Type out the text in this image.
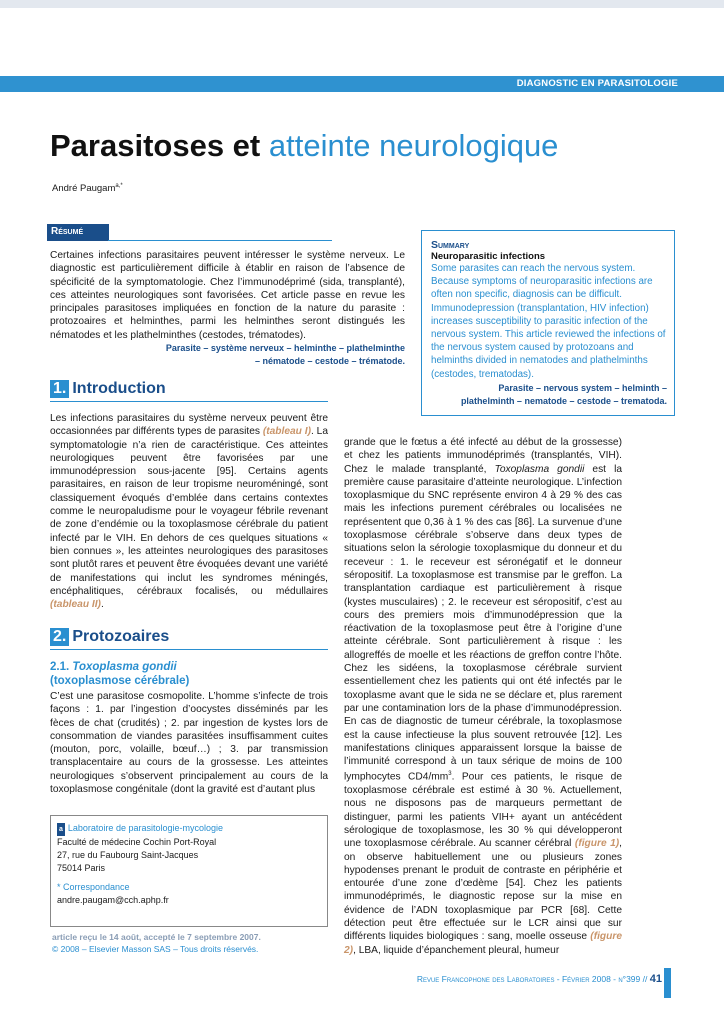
DIAGNOSTIC EN PARASITOLOGIE
Parasitoses et atteinte neurologique
André Paugam$^{a,*}$
Résumé
Certaines infections parasitaires peuvent intéresser le système nerveux. Le diagnostic est particulièrement difficile à établir en raison de l’absence de spécificité de la symptomatologie. Chez l’immunodéprimé (sida, transplanté), ces atteintes neurologiques sont favorisées. Cet article passe en revue les principales parasitoses impliquées en fonction de la nature du parasite : protozoaires et helminthes, parmi les helminthes seront distingués les nématodes et les plathelminthes (cestodes, trématodes).
Parasite – système nerveux – helminthe – plathelminthe
– nématode – cestode – trématode.
Summary
Neuroparasitic infections
Some parasites can reach the nervous system. Because symptoms of neuroparasitic infections are often non specific, diagnosis can be difficult. Immunodepression (transplantation, HIV infection) increases susceptibility to parasitic infection of the nervous system. This article reviewed the infections of the nervous system caused by protozoans and helminths divided in nematodes and plathelminths (cestodes, trematodas).
Parasite – nervous system – helminth –
plathelminth – nematode – cestode – trematoda.
1. Introduction
Les infections parasitaires du système nerveux peuvent être occasionnées par différents types de parasites (tableau I). La symptomatologie n’a rien de caractéristique. Ces atteintes neurologiques peuvent être favorisées par une immunodépression sous-jacente [95]. Certains agents parasitaires, en raison de leur tropisme neuroméningé, sont classiquement évoqués d’emblée dans certains contextes comme le neuropaludisme pour le voyageur fébrile revenant de zone d’endémie ou la toxoplasmose cérébrale du patient infecté par le VIH. En dehors de ces quelques situations « bien connues », les atteintes neurologiques des parasitoses sont plutôt rares et peuvent être évoquées devant une variété de manifestations qui inclut les syndromes méningés, encéphalitiques, cérébraux focalisés, ou médullaires (tableau II).
2. Protozoaires
2.1. Toxoplasma gondii
(toxoplasmose cérébrale)
C’est une parasitose cosmopolite. L’homme s’infecte de trois façons : 1. par l’ingestion d’oocystes disséminés par les fèces de chat (crudités) ; 2. par ingestion de kystes lors de consommation de viandes parasitées insuffisamment cuites (mouton, porc, volaille, bœuf…) ; 3. par transmission transplacentaire au cours de la grossesse. Les atteintes neurologiques s’observent principalement au cours de la toxoplasmose congénitale (dont la gravité est d’autant plus
a Laboratoire de parasitologie-mycologie
Faculté de médecine Cochin Port-Royal
27, rue du Faubourg Saint-Jacques
75014 Paris
* Correspondance
andre.paugam@cch.aphp.fr
article reçu le 14 août, accepté le 7 septembre 2007.
© 2008 – Elsevier Masson SAS – Tous droits réservés.
grande que le fœtus a été infecté au début de la grossesse) et chez les patients immunodéprimés (transplantés, VIH). Chez le malade transplanté, Toxoplasma gondii est la première cause parasitaire d’atteinte neurologique. L’infection toxoplasmique du SNC représente environ 4 à 29 % des cas mais les infections purement cérébrales ou localisées ne représentent que 0,36 à 1 % des cas [86]. La survenue d’une toxoplasmose cérébrale s’observe dans deux types de situations selon la sérologie toxoplasmique du donneur et du receveur : 1. le receveur est séronégatif et le donneur séropositif. La toxoplasmose est transmise par le greffon. La transplantation cardiaque est particulièrement à risque (kystes musculaires) ; 2. le receveur est séropositif, c’est au cours des premiers mois d’immunodépression que la réactivation de la toxoplasmose peut être à l’origine d’une atteinte cérébrale. Sont particulièrement à risque : les allogreffés de moelle et les réactions de greffon contre l’hôte. Chez les sidéens, la toxoplasmose cérébrale survient essentiellement chez les patients qui ont été infectés par le toxoplasme avant que le sida ne se déclare et, plus rarement par une contamination lors de la phase d’immunodépression. En cas de diagnostic de tumeur cérébrale, la toxoplasmose est la cause infectieuse la plus souvent retrouvée [12]. Les manifestations cliniques apparaissent lorsque la baisse de l’immunité correspond à un taux sérique de moins de 100 lymphocytes $CD4/mm^3$. Pour ces patients, le risque de toxoplasmose cérébrale est estimé à 30 %. Actuellement, nous ne disposons pas de marqueurs permettant de distinguer, parmi les patients VIH+ ayant un antécédent sérologique de toxoplasmose, les 30 % qui développeront une toxoplasmose cérébrale. Au scanner cérébral (figure 1), on observe habituellement une ou plusieurs zones hypodenses prenant le produit de contraste en périphérie et entourée d’une zone d’œdème [54]. Chez les patients immunodéprimés, le diagnostic repose sur la mise en évidence de l’ADN toxoplasmique par PCR [68]. Cette détection peut être effectuée sur le LCR ainsi que sur différents liquides biologiques : sang, moelle osseuse (figure 2), LBA, liquide d’épanchement pleural, humeur
Revue Francophone des Laboratoires - Février 2008 - n°399 // 41
